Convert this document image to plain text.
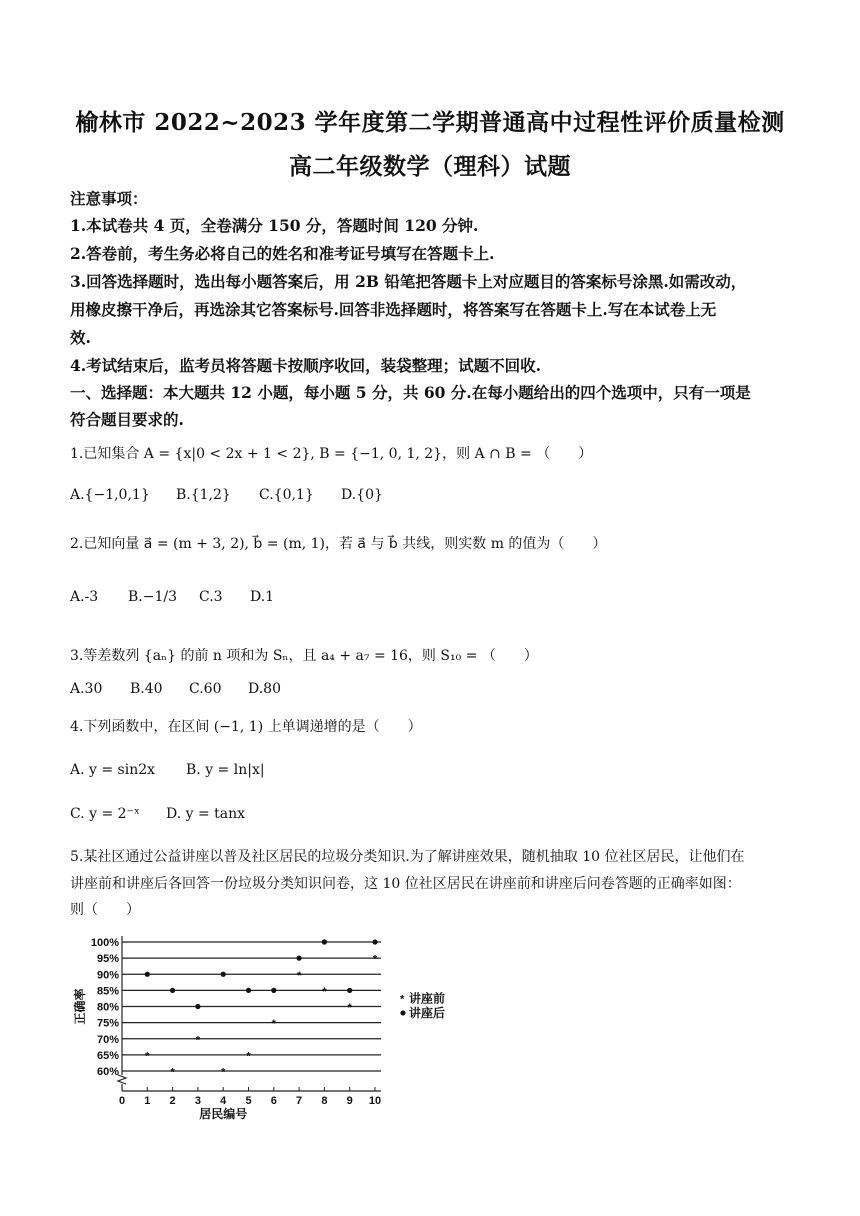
榆林市 2022~2023 学年度第二学期普通高中过程性评价质量检测
高二年级数学（理科）试题
注意事项：
1.本试卷共 4 页，全卷满分 150 分，答题时间 120 分钟.
2.答卷前，考生务必将自己的姓名和准考证号填写在答题卡上.
3.回答选择题时，选出每小题答案后，用 2B 铅笔把答题卡上对应题目的答案标号涂黑.如需改动，
用橡皮擦干净后，再选涂其它答案标号.回答非选择题时，将答案写在答题卡上.写在本试卷上无
效.
4.考试结束后，监考员将答题卡按顺序收回，装袋整理；试题不回收.
一、选择题：本大题共 12 小题，每小题 5 分，共 60 分.在每小题给出的四个选项中，只有一项是
符合题目要求的.
1.已知集合 A = {x|0 < 2x + 1 < 2}, B = {−1, 0, 1, 2}，则 A ∩ B = （　　）
A.{−1,0,1} B.{1,2} C.{0,1} D.{0}
2.已知向量 a⃗ = (m + 3, 2), b⃗ = (m, 1)，若 a⃗ 与 b⃗ 共线，则实数 m 的值为（　　）
A.-3 B.−1/3 C.3 D.1
3.等差数列 {aₙ} 的前 n 项和为 Sₙ，且 a₄ + a₇ = 16，则 S₁₀ = （　　）
A.30 B.40 C.60 D.80
4.下列函数中，在区间 (−1, 1) 上单调递增的是（　　）
A. y = sin2x B. y = ln|x|
C. y = 2⁻ˣ D. y = tanx
5.某社区通过公益讲座以普及社区居民的垃圾分类知识.为了解讲座效果，随机抽取 10 位社区居民，让他们在
讲座前和讲座后各回答一份垃圾分类知识问卷，这 10 位社区居民在讲座前和讲座后问卷答题的正确率如图：
则（　　）
60%
65%
70%
75%
80%
85%
90%
95%
100%
0 1 2 3 4 5 6 7 8 9 10
居民编号
正确率
*
*
*
*
*
*
*
*
*
*
* 讲座前
讲座后
